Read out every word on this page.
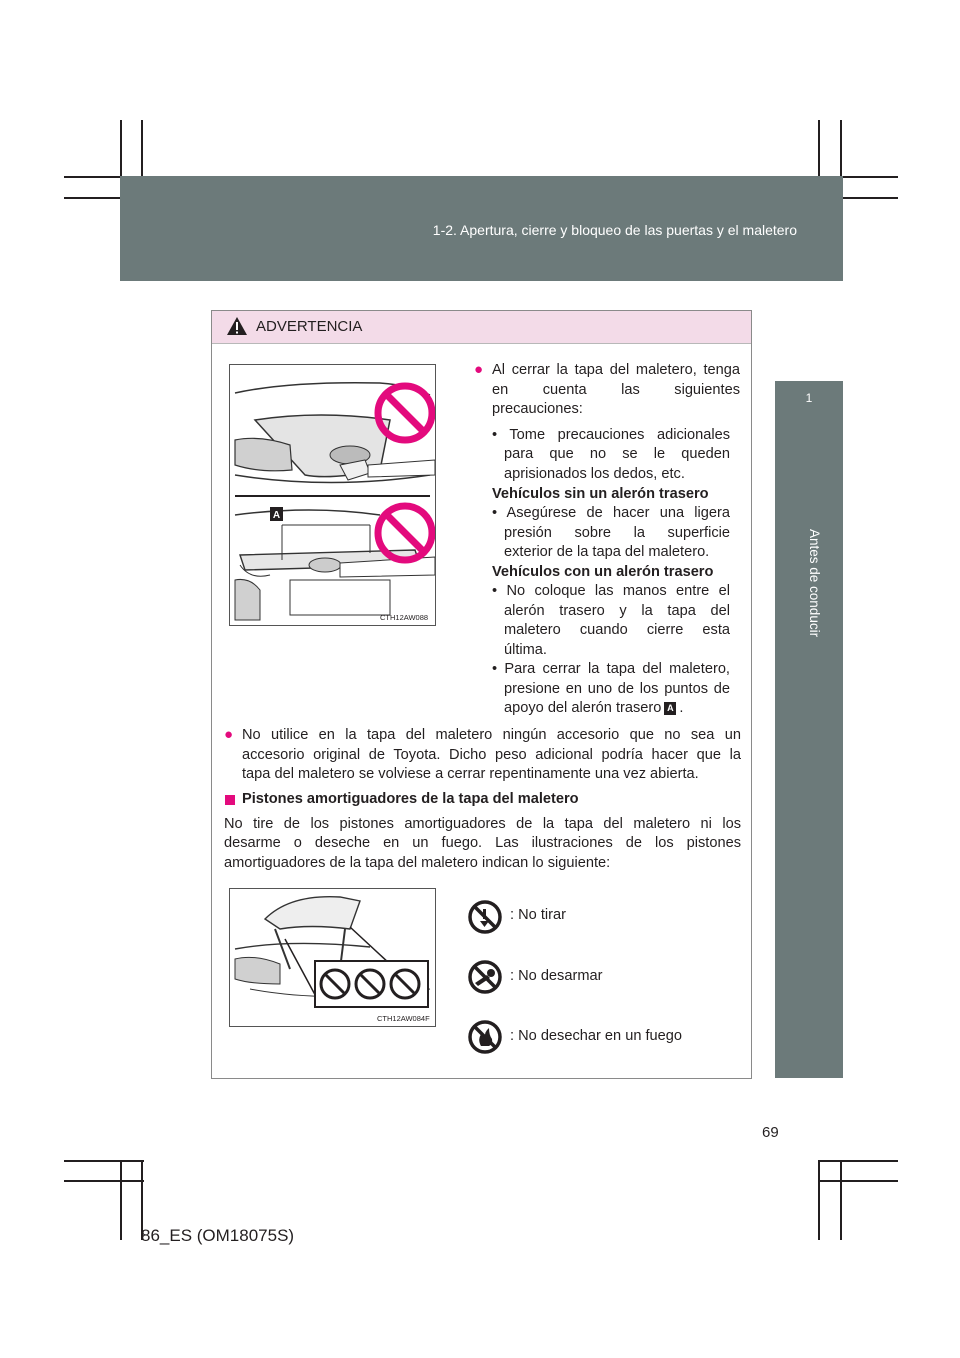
1-2. Apertura, cierre y bloqueo de las puertas y el maletero
1
Antes de conducir
ADVERTENCIA
A
CTH12AW088
● Al cerrar la tapa del maletero, tenga
en cuenta las siguientes
precauciones:
• Tome precauciones adicionales
para que no se le queden
aprisionados los dedos, etc.
Vehículos sin un alerón trasero
• Asegúrese de hacer una ligera
presión sobre la superficie
exterior de la tapa del maletero.
Vehículos con un alerón trasero
• No coloque las manos entre el
alerón trasero y la tapa del
maletero cuando cierre esta
última.
• Para cerrar la tapa del maletero,
presione en uno de los puntos de
apoyo del alerón trasero A .
● No utilice en la tapa del maletero ningún accesorio que no sea un
accesorio original de Toyota. Dicho peso adicional podría hacer que la
tapa del maletero se volviese a cerrar repentinamente una vez abierta.
Pistones amortiguadores de la tapa del maletero
No tire de los pistones amortiguadores de la tapa del maletero ni los
desarme o deseche en un fuego. Las ilustraciones de los pistones
amortiguadores de la tapa del maletero indican lo siguiente:
CTH12AW084F
: No tirar
: No desarmar
: No desechar en un fuego
69
86_ES (OM18075S)
